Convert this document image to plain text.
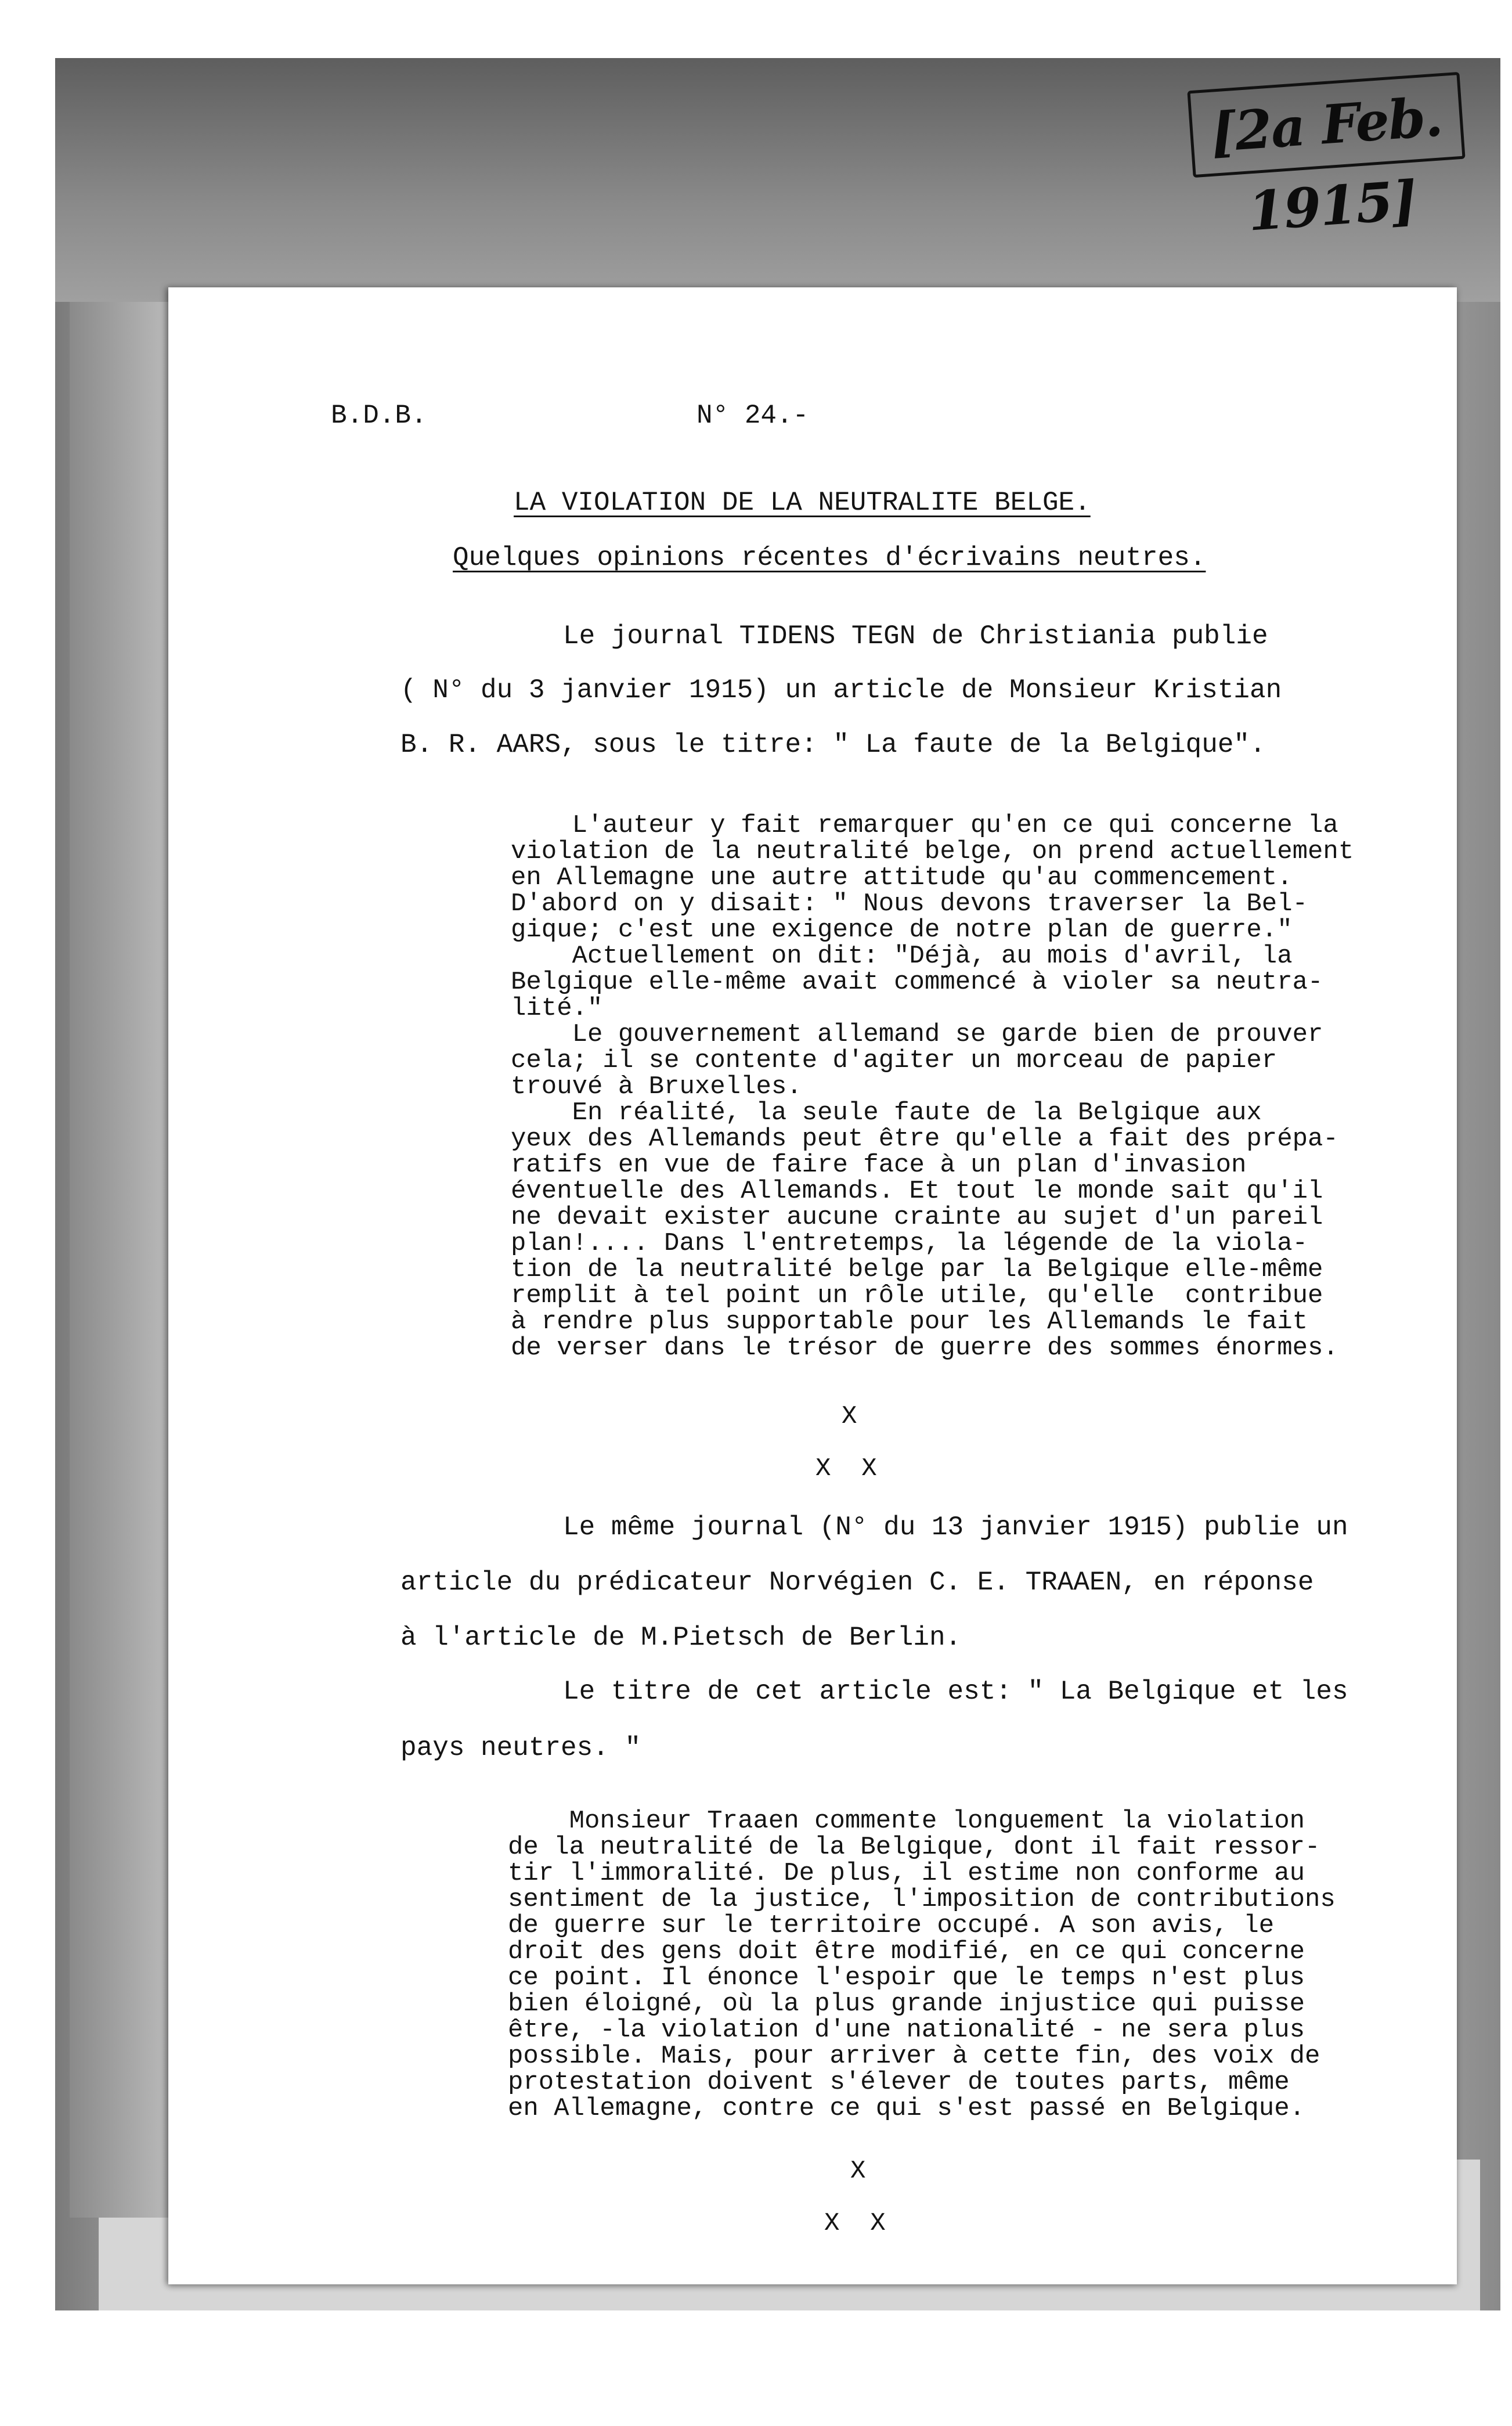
[2a Feb. 1915]
B.D.B.	N° 24.-
LA VIOLATION DE LA NEUTRALITE BELGE.
Quelques opinions récentes d'écrivains neutres.
Le journal TIDENS TEGN de Christiania publie
( N° du 3 janvier 1915) un article de Monsieur Kristian
B. R. AARS, sous le titre: " La faute de la Belgique".
L'auteur y fait remarquer qu'en ce qui concerne la
violation de la neutralité belge, on prend actuellement
en Allemagne une autre attitude qu'au commencement.
D'abord on y disait: " Nous devons traverser la Bel-
gique; c'est une exigence de notre plan de guerre."
Actuellement on dit: "Déjà, au mois d'avril, la
Belgique elle-même avait commencé à violer sa neutra-
lité."
Le gouvernement allemand se garde bien de prouver
cela; il se contente d'agiter un morceau de papier
trouvé à Bruxelles.
En réalité, la seule faute de la Belgique aux
yeux des Allemands peut être qu'elle a fait des prépa-
ratifs en vue de faire face à un plan d'invasion
éventuelle des Allemands. Et tout le monde sait qu'il
ne devait exister aucune crainte au sujet d'un pareil
plan!.... Dans l'entretemps, la légende de la viola-
tion de la neutralité belge par la Belgique elle-même
remplit à tel point un rôle utile, qu'elle  contribue
à rendre plus supportable pour les Allemands le fait
de verser dans le trésor de guerre des sommes énormes.
X
X  X
Le même journal (N° du 13 janvier 1915) publie un
article du prédicateur Norvégien C. E. TRAAEN, en réponse
à l'article de M.Pietsch de Berlin.
Le titre de cet article est: " La Belgique et les
pays neutres. "
Monsieur Traaen commente longuement la violation
de la neutralité de la Belgique, dont il fait ressor-
tir l'immoralité. De plus, il estime non conforme au
sentiment de la justice, l'imposition de contributions
de guerre sur le territoire occupé. A son avis, le
droit des gens doit être modifié, en ce qui concerne
ce point. Il énonce l'espoir que le temps n'est plus
bien éloigné, où la plus grande injustice qui puisse
être, -la violation d'une nationalité - ne sera plus
possible. Mais, pour arriver à cette fin, des voix de
protestation doivent s'élever de toutes parts, même
en Allemagne, contre ce qui s'est passé en Belgique.
X
X  X
